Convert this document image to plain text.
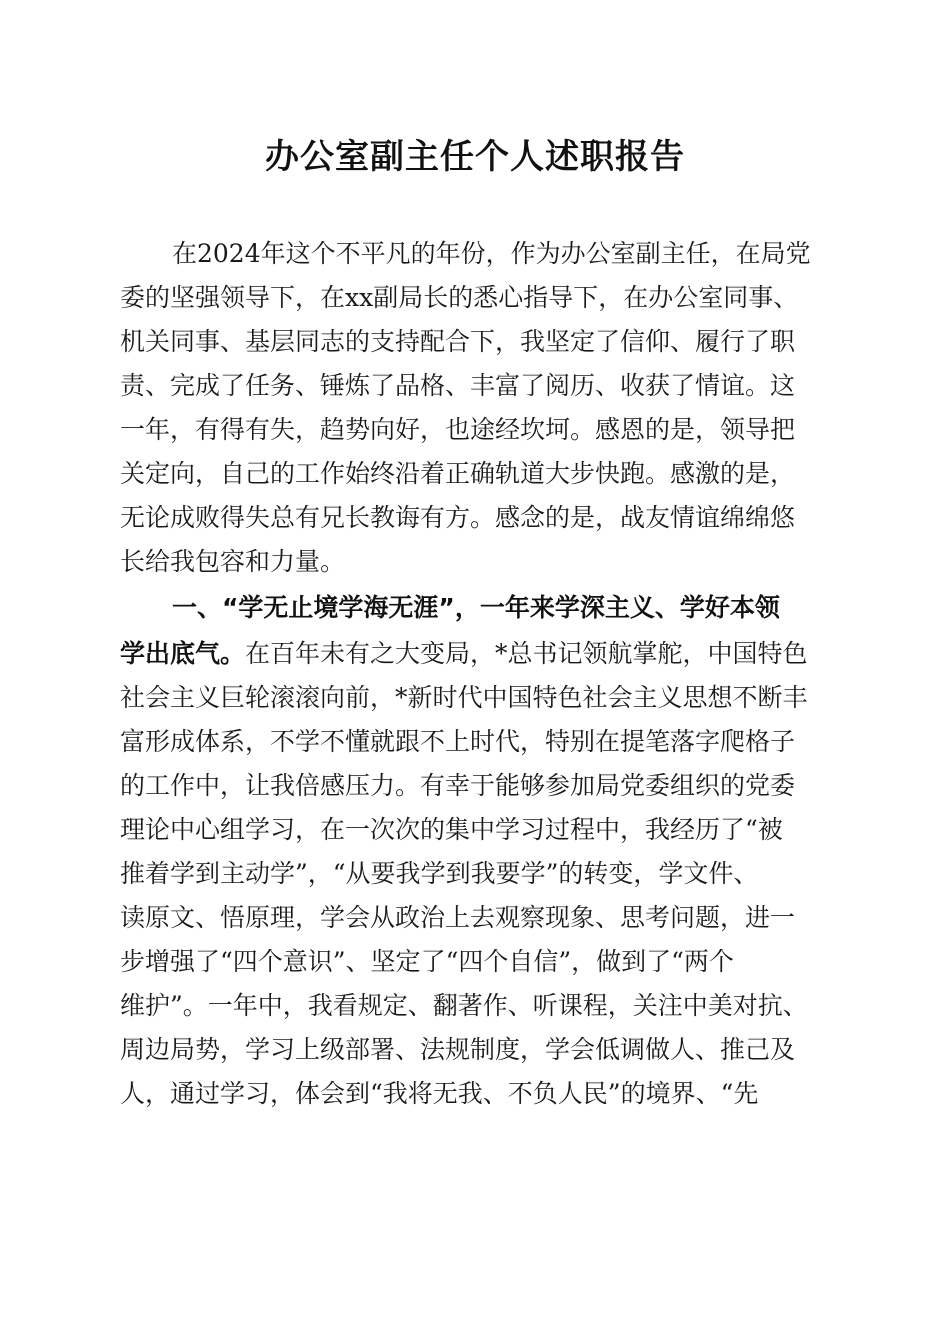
办公室副主任个人述职报告
在2024年这个不平凡的年份，作为办公室副主任，在局党
委的坚强领导下，在xx副局长的悉心指导下，在办公室同事、
机关同事、基层同志的支持配合下，我坚定了信仰、履行了职
责、完成了任务、锤炼了品格、丰富了阅历、收获了情谊。这
一年，有得有失，趋势向好，也途经坎坷。感恩的是，领导把
关定向，自己的工作始终沿着正确轨道大步快跑。感激的是，
无论成败得失总有兄长教诲有方。感念的是，战友情谊绵绵悠
长给我包容和力量。
一、“学无止境学海无涯”，一年来学深主义、学好本领
学出底气。在百年未有之大变局，*总书记领航掌舵，中国特色
社会主义巨轮滚滚向前，*新时代中国特色社会主义思想不断丰
富形成体系，不学不懂就跟不上时代，特别在提笔落字爬格子
的工作中，让我倍感压力。有幸于能够参加局党委组织的党委
理论中心组学习，在一次次的集中学习过程中，我经历了“被
推着学到主动学”，“从要我学到我要学”的转变，学文件、
读原文、悟原理，学会从政治上去观察现象、思考问题，进一
步增强了“四个意识”、坚定了“四个自信”，做到了“两个
维护”。一年中，我看规定、翻著作、听课程，关注中美对抗、
周边局势，学习上级部署、法规制度，学会低调做人、推己及
人，通过学习，体会到“我将无我、不负人民”的境界、“先
